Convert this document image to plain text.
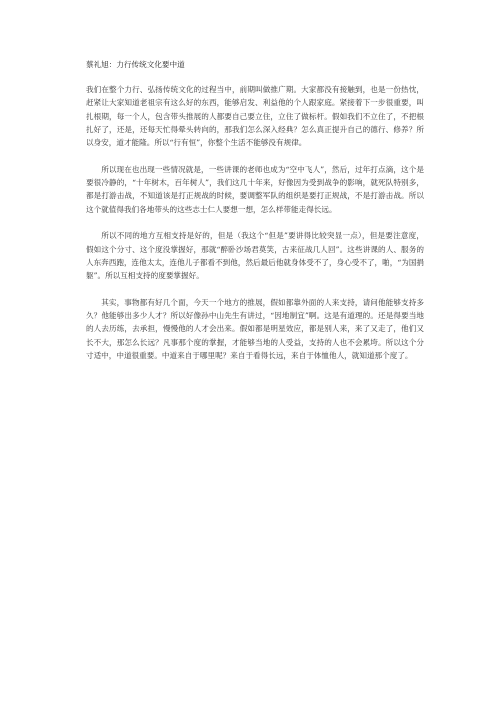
蔡礼旭：力行传统文化要中道

我们在整个力行、弘扬传统文化的过程当中，前期叫做推广期。大家都没有接触到，也是一份热忱，赶紧让大家知道老祖宗有这么好的东西，能够启发、利益他的个人跟家庭。紧接着下一步很重要，叫扎根期，每一个人，包含带头推展的人都要自己要立住，立住了做标杆。假如我们不立住了，不把根扎好了，还是，还每天忙得晕头转向的，那我们怎么深入经典？怎么真正提升自己的德行、修养？所以身安，道才能隆。所以“行有恒”，你整个生活不能够没有规律。

所以现在也出现一些情况就是，一些讲课的老师也成为“空中飞人”，然后，过年打点滴，这个是要很冷静的，“十年树木，百年树人”，我们这几十年来，好像因为受到战争的影响，就死队特别多，都是打游击战，不知道该是打正规战的时候，要调整军队的组织是要打正规战，不是打游击战。所以这个就值得我们各地带头的这些志士仁人要想一想，怎么样带能走得长远。

所以不同的地方互相支持是好的，但是（我这个“但是”要讲得比较突显一点），但是要注意度，假如这个分寸、这个度没掌握好，那就“醉卧沙场君莫笑，古来征战几人回”。这些讲课的人、服务的人东奔西跑，连他太太，连他儿子都看不到他，然后最后他就身体受不了，身心受不了，啪，“为国捐躯”。所以互相支持的度要掌握好。

其实，事物都有好几个面，今天一个地方的推展，假如都靠外面的人来支持，请问他能够支持多久？他能够出多少人才？所以好像孙中山先生有讲过，“因地制宜”啊。这是有道理的。还是得要当地的人去历练，去承担，慢慢他的人才会出来。假如都是明星效应，都是别人来，来了又走了，他们又长不大，那怎么长远？凡事那个度的掌握，才能够当地的人受益，支持的人也不会累垮。所以这个分寸适中，中道很重要。中道来自于哪里呢？来自于看得长远，来自于体恤他人，就知道那个度了。
